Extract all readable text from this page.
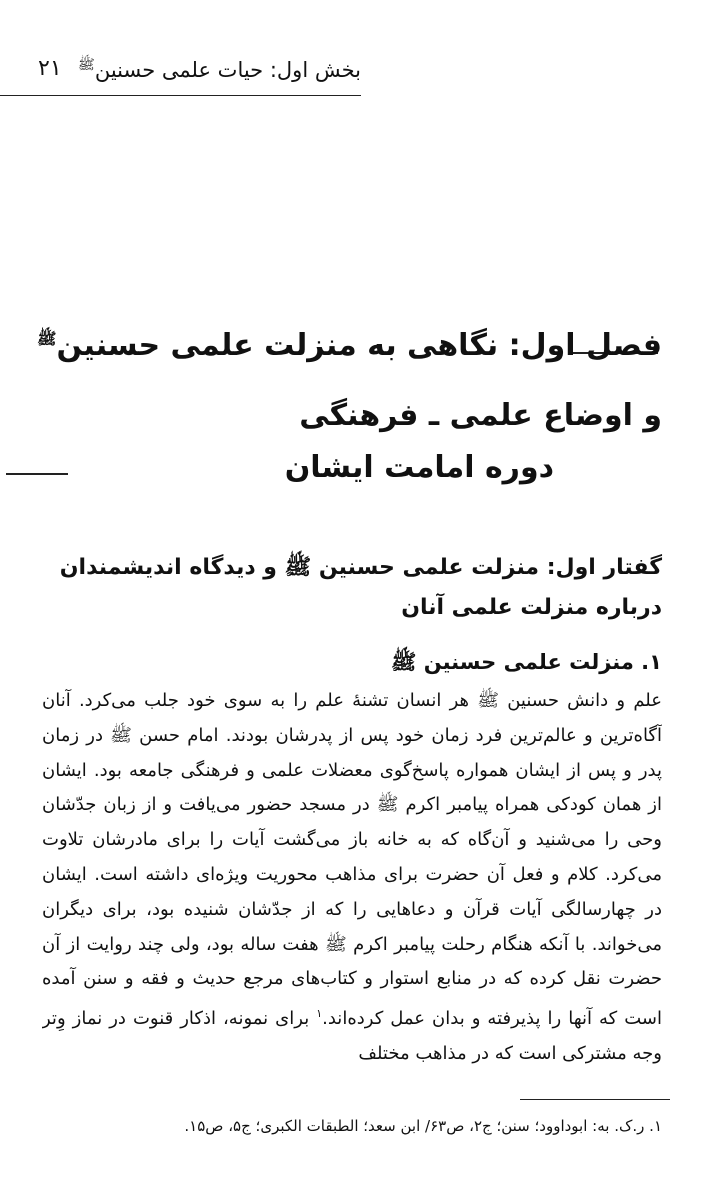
بخش اول: حیات علمی حسنین$^ﷺ$
۲۱
فصل اول: نگاهی به منزلت علمی حسنین$^ﷺ$
و اوضاع علمی ـ فرهنگی
دوره امامت ایشان
گفتار اول: منزلت علمی حسنین ﷺ و دیدگاه اندیشمندان درباره منزلت علمی آنان
۱. منزلت علمی حسنین ﷺ

علم و دانش حسنین ﷺ هر انسان تشنهٔ علم را به سوی خود جلب می‌کرد. آنان آگاه‌ترین و عالم‌ترین فرد زمان خود پس از پدرشان بودند. امام حسن ﷺ در زمان پدر و پس از ایشان همواره پاسخ‌گوی معضلات علمی و فرهنگی جامعه بود. ایشان از همان کودکی همراه پیامبر اکرم ﷺ در مسجد حضور می‌یافت و از زبان جدّشان وحی را می‌شنید و آن‌گاه که به خانه باز می‌گشت آیات را برای مادرشان تلاوت می‌کرد. کلام و فعل آن حضرت برای مذاهب محوریت ویژه‌ای داشته است. ایشان در چهارسالگی آیات قرآن و دعاهایی را که از جدّشان شنیده بود، برای دیگران می‌خواند. با آنکه هنگام رحلت پیامبر اکرم ﷺ هفت ساله بود، ولی چند روایت از آن حضرت نقل کرده که در منابع استوار و کتاب‌های مرجع حدیث و فقه و سنن آمده است که آنها را پذیرفته و بدان عمل کرده‌اند.$^۱$ برای نمونه، اذکار قنوت در نماز وِتر وجه مشترکی است که در مذاهب مختلف

۱. ر.ک. به: ابوداوود؛ سنن؛ ج۲، ص۶۳/ ابن سعد؛ الطبقات الکبری؛ ج۵، ص۱۵.
